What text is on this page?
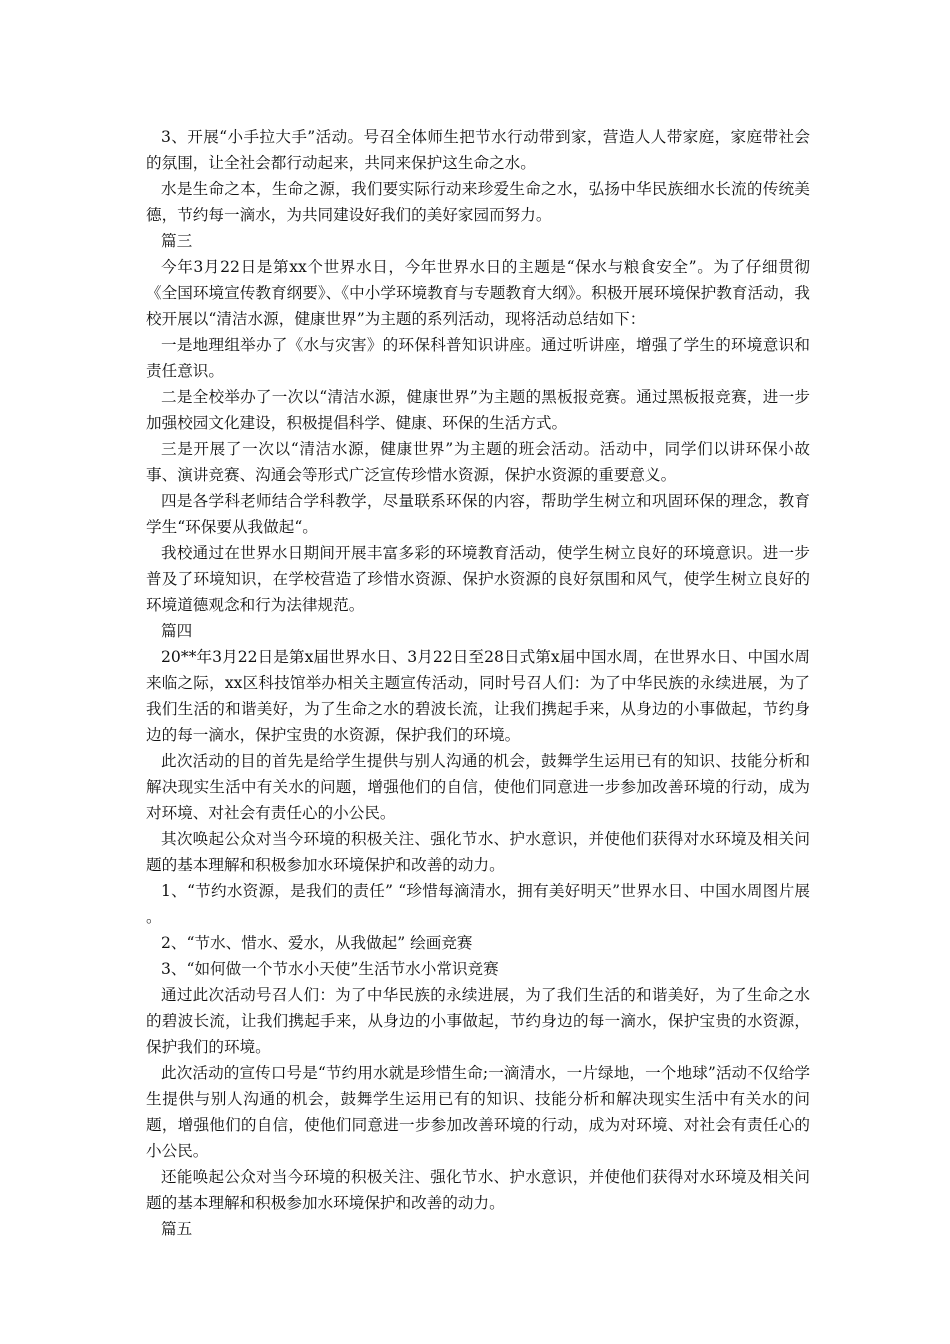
3、开展“小手拉大手”活动。号召全体师生把节水行动带到家，营造人人带家庭，家庭带社会的氛围，让全社会都行动起来，共同来保护这生命之水。

水是生命之本，生命之源，我们要实际行动来珍爱生命之水，弘扬中华民族细水长流的传统美德，节约每一滴水，为共同建设好我们的美好家园而努力。

篇三

今年3月22日是第xx个世界水日，今年世界水日的主题是“保水与粮食安全”。为了仔细贯彻《全国环境宣传教育纲要》、《中小学环境教育与专题教育大纲》。积极开展环境保护教育活动，我校开展以“清洁水源，健康世界”为主题的系列活动，现将活动总结如下：

一是地理组举办了《水与灾害》的环保科普知识讲座。通过听讲座，增强了学生的环境意识和责任意识。

二是全校举办了一次以“清洁水源，健康世界”为主题的黑板报竞赛。通过黑板报竞赛，进一步加强校园文化建设，积极提倡科学、健康、环保的生活方式。

三是开展了一次以“清洁水源，健康世界”为主题的班会活动。活动中，同学们以讲环保小故事、演讲竞赛、沟通会等形式广泛宣传珍惜水资源，保护水资源的重要意义。

四是各学科老师结合学科教学，尽量联系环保的内容，帮助学生树立和巩固环保的理念，教育学生“环保要从我做起“。

我校通过在世界水日期间开展丰富多彩的环境教育活动，使学生树立良好的环境意识。进一步普及了环境知识，在学校营造了珍惜水资源、保护水资源的良好氛围和风气，使学生树立良好的环境道德观念和行为法律规范。

篇四

20**年3月22日是第x届世界水日、3月22日至28日式第x届中国水周，在世界水日、中国水周来临之际，xx区科技馆举办相关主题宣传活动，同时号召人们：为了中华民族的永续进展，为了我们生活的和谐美好，为了生命之水的碧波长流，让我们携起手来，从身边的小事做起，节约身边的每一滴水，保护宝贵的水资源，保护我们的环境。

此次活动的目的首先是给学生提供与别人沟通的机会，鼓舞学生运用已有的知识、技能分析和解决现实生活中有关水的问题，增强他们的自信，使他们同意进一步参加改善环境的行动，成为对环境、对社会有责任心的小公民。

其次唤起公众对当今环境的积极关注、强化节水、护水意识，并使他们获得对水环境及相关问题的基本理解和积极参加水环境保护和改善的动力。

1、“节约水资源，是我们的责任” “珍惜每滴清水，拥有美好明天”世界水日、中国水周图片展 。

2、“节水、惜水、爱水，从我做起” 绘画竞赛

3、“如何做一个节水小天使”生活节水小常识竞赛

通过此次活动号召人们：为了中华民族的永续进展，为了我们生活的和谐美好，为了生命之水的碧波长流，让我们携起手来，从身边的小事做起，节约身边的每一滴水，保护宝贵的水资源，保护我们的环境。

此次活动的宣传口号是“节约用水就是珍惜生命;一滴清水，一片绿地，一个地球”活动不仅给学生提供与别人沟通的机会，鼓舞学生运用已有的知识、技能分析和解决现实生活中有关水的问题，增强他们的自信，使他们同意进一步参加改善环境的行动，成为对环境、对社会有责任心的小公民。

还能唤起公众对当今环境的积极关注、强化节水、护水意识，并使他们获得对水环境及相关问题的基本理解和积极参加水环境保护和改善的动力。

篇五
